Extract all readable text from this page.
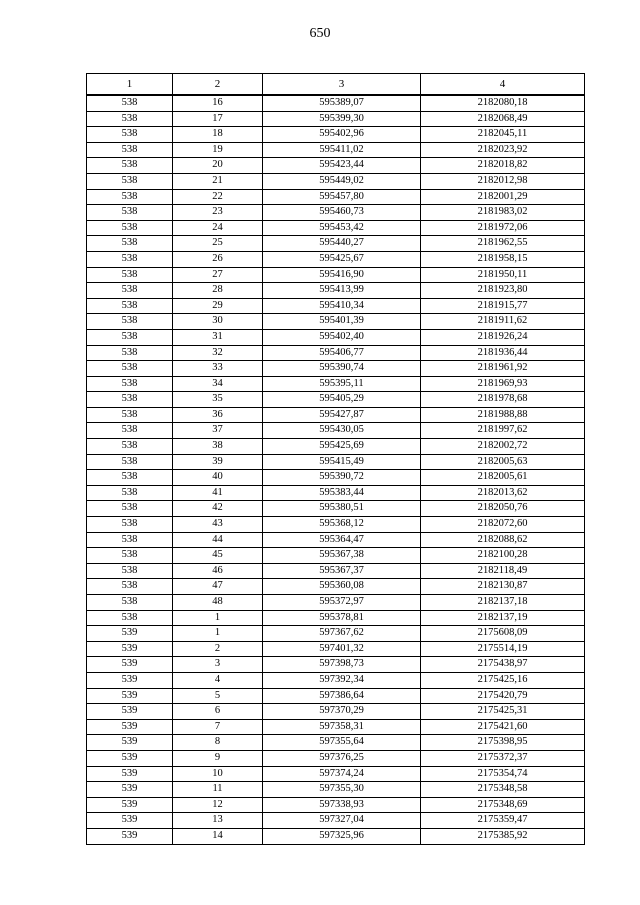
650
1	2	3	4
538	16	595389,07	2182080,18
538	17	595399,30	2182068,49
538	18	595402,96	2182045,11
538	19	595411,02	2182023,92
538	20	595423,44	2182018,82
538	21	595449,02	2182012,98
538	22	595457,80	2182001,29
538	23	595460,73	2181983,02
538	24	595453,42	2181972,06
538	25	595440,27	2181962,55
538	26	595425,67	2181958,15
538	27	595416,90	2181950,11
538	28	595413,99	2181923,80
538	29	595410,34	2181915,77
538	30	595401,39	2181911,62
538	31	595402,40	2181926,24
538	32	595406,77	2181936,44
538	33	595390,74	2181961,92
538	34	595395,11	2181969,93
538	35	595405,29	2181978,68
538	36	595427,87	2181988,88
538	37	595430,05	2181997,62
538	38	595425,69	2182002,72
538	39	595415,49	2182005,63
538	40	595390,72	2182005,61
538	41	595383,44	2182013,62
538	42	595380,51	2182050,76
538	43	595368,12	2182072,60
538	44	595364,47	2182088,62
538	45	595367,38	2182100,28
538	46	595367,37	2182118,49
538	47	595360,08	2182130,87
538	48	595372,97	2182137,18
538	1	595378,81	2182137,19
539	1	597367,62	2175608,09
539	2	597401,32	2175514,19
539	3	597398,73	2175438,97
539	4	597392,34	2175425,16
539	5	597386,64	2175420,79
539	6	597370,29	2175425,31
539	7	597358,31	2175421,60
539	8	597355,64	2175398,95
539	9	597376,25	2175372,37
539	10	597374,24	2175354,74
539	11	597355,30	2175348,58
539	12	597338,93	2175348,69
539	13	597327,04	2175359,47
539	14	597325,96	2175385,92
